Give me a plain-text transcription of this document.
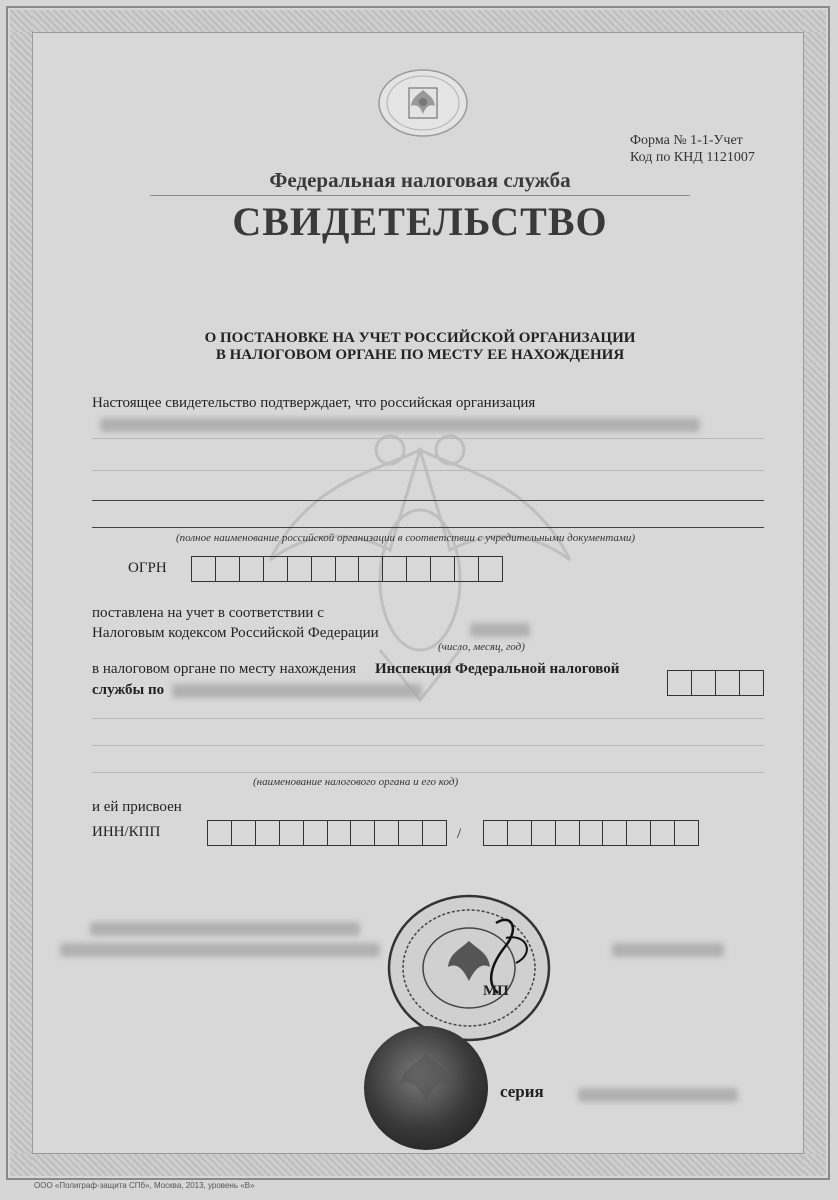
Форма № 1-1-Учет
Код по КНД 1121007
Федеральная налоговая служба
СВИДЕТЕЛЬСТВО
О ПОСТАНОВКЕ НА УЧЕТ РОССИЙСКОЙ ОРГАНИЗАЦИИ
В НАЛОГОВОМ ОРГАНЕ ПО МЕСТУ ЕЕ НАХОЖДЕНИЯ
Настоящее свидетельство подтверждает, что российская организация
(полное наименование российской организации в соответствии с учредительными документами)
ОГРН
поставлена на учет в соответствии с
Налоговым кодексом Российской Федерации
(число, месяц, год)
в налоговом органе по месту нахождения Инспекция Федеральной налоговой
службы по
(наименование налогового органа и его код)
и ей присвоен
ИНН/КПП	/
МП
серия
ООО «Полиграф-защита СПб», Москва, 2013, уровень «В»
